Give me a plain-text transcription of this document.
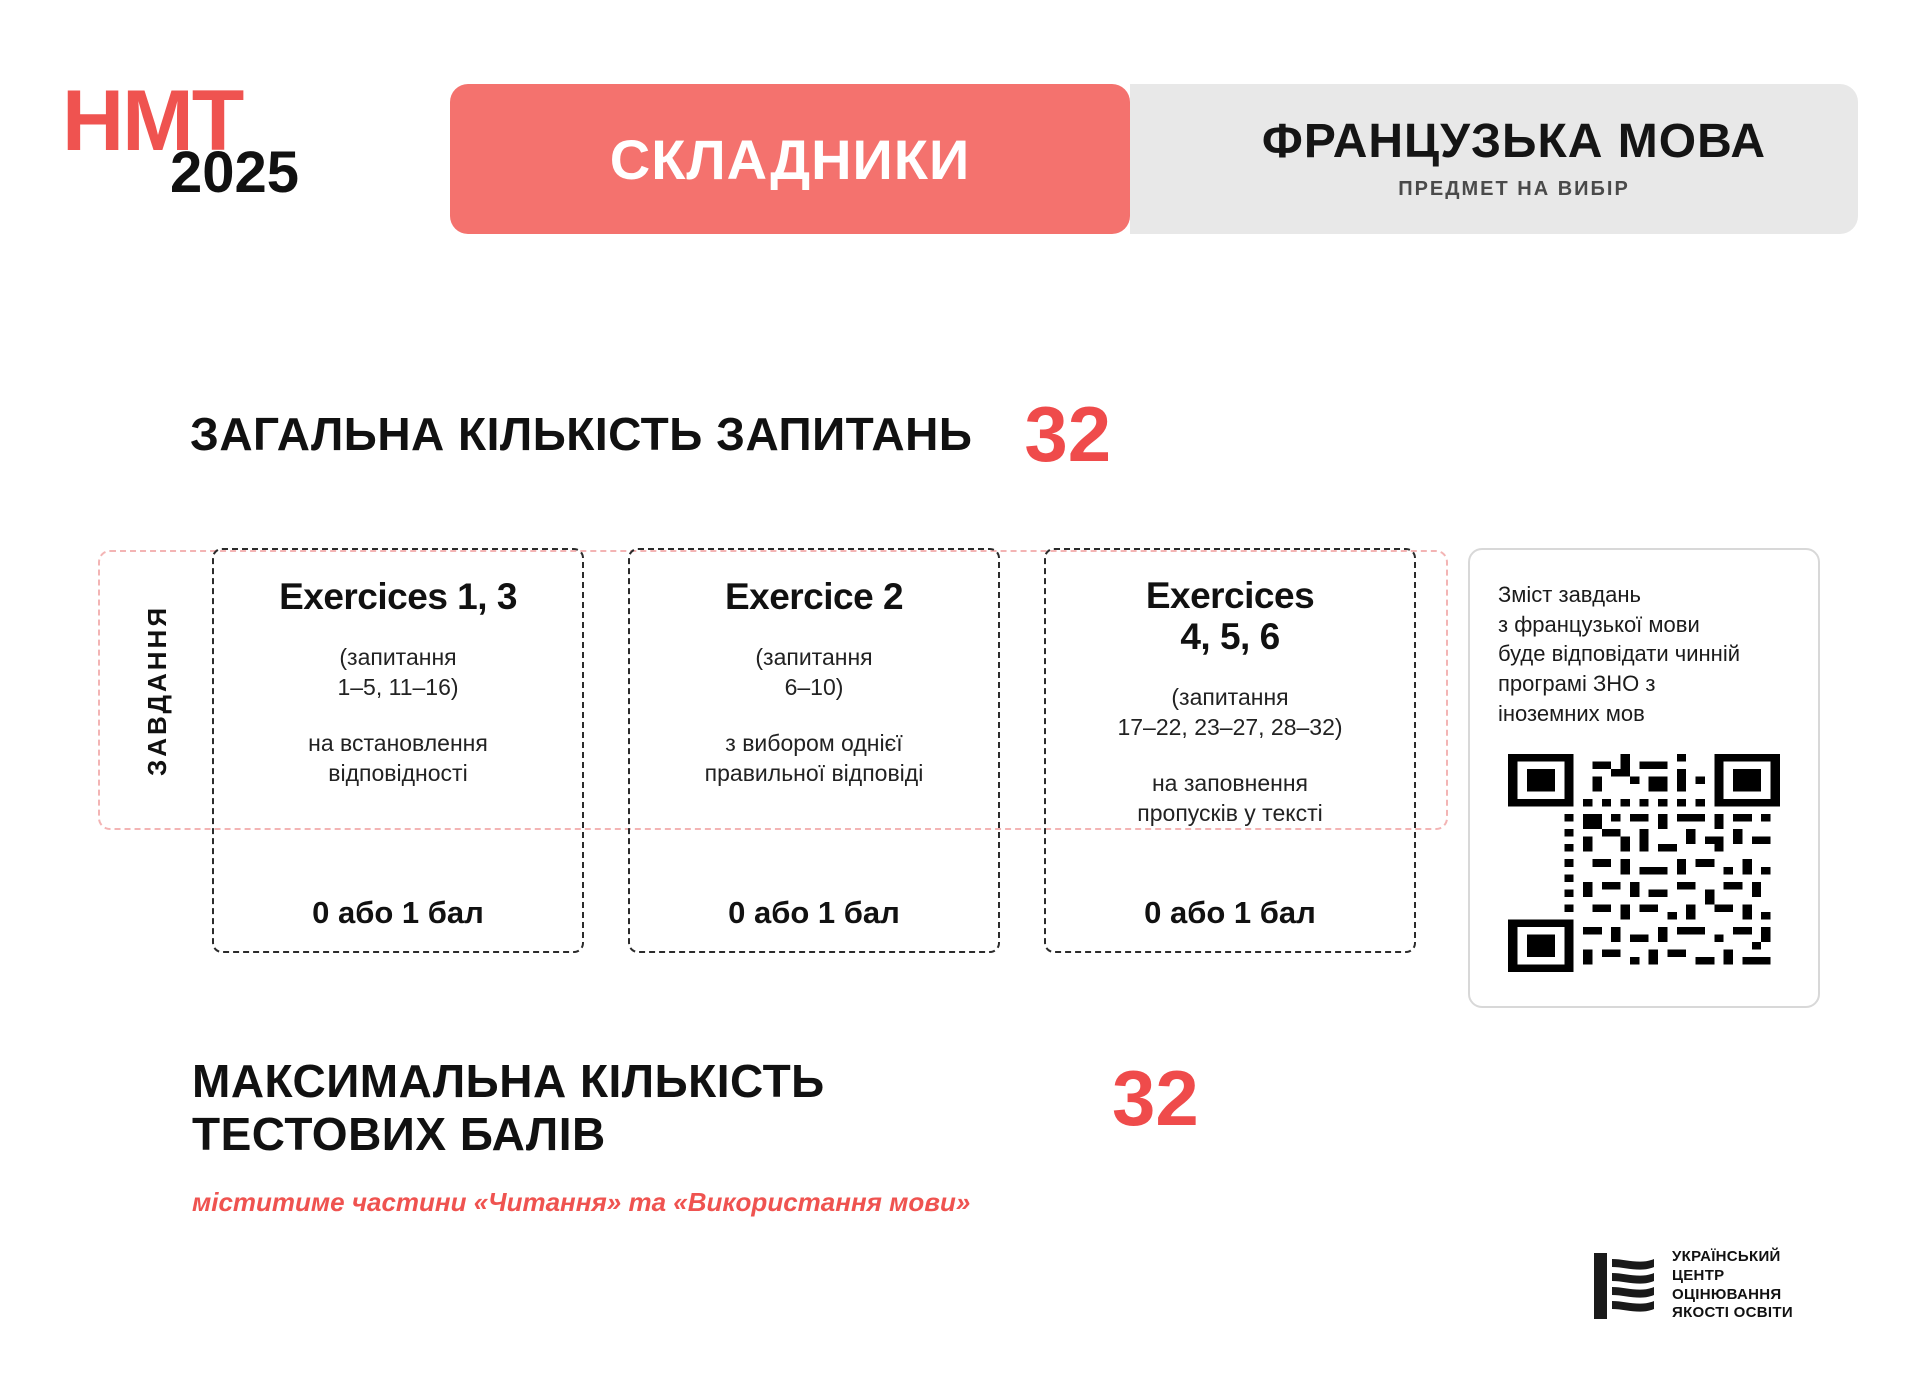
НМТ
2025	СКЛАДНИКИ	ФРАНЦУЗЬКА МОВА
ПРЕДМЕТ НА ВИБІР
ЗАГАЛЬНА КІЛЬКІСТЬ ЗАПИТАНЬ 32
ЗАВДАННЯ
Exercices 1, 3
(запитання
1–5, 11–16)
на встановлення
відповідності
0 або 1 бал
Exercice 2
(запитання
6–10)
з вибором однієї
правильної відповіді
0 або 1 бал
Exercices
4, 5, 6
(запитання
17–22, 23–27, 28–32)
на заповнення
пропусків у тексті
0 або 1 бал

Зміст завдань
з французької мови
буде відповідати чинній
програмі ЗНО з
іноземних мов

МАКСИМАЛЬНА КІЛЬКІСТЬ
ТЕСТОВИХ БАЛІВ	32
міститиме частини «Читання» та «Використання мови»
УКРАЇНСЬКИЙ
ЦЕНТР
ОЦІНЮВАННЯ
ЯКОСТІ ОСВІТИ
